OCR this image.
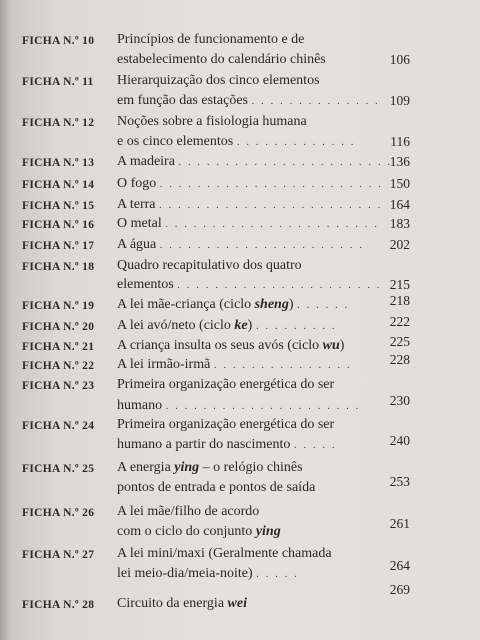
FICHA N.º 10	Princípios de funcionamento e de
estabelecimento do calendário chinês	106
FICHA N.º 11	Hierarquização dos cinco elementos
em função das estações . . . . . . . . . . . . . . 109
FICHA N.º 12	Noções sobre a fisiologia humana
e os cinco elementos . . . . . . . . . . . . .	116
FICHA N.º 13	A madeira . . . . . . . . . . . . . . . . . . . . . . .
136
FICHA N.º 14	O fogo . . . . . . . . . . . . . . . . . . . . . . . . 150
FICHA N.º 15	A terra . . . . . . . . . . . . . . . . . . . . . . . . 164
FICHA N.º 16	O metal . . . . . . . . . . . . . . . . . . . . . . . 183
FICHA N.º 17	A água . . . . . . . . . . . . . . . . . . . . . .	202
FICHA N.º 18	Quadro recapitulativo dos quatro
elementos . . . . . . . . . . . . . . . . . . . . . . 215
FICHA N.º 19	A lei mãe-criança (ciclo sheng) . . . . . .	218
FICHA N.º 20	A lei avó/neto (ciclo ke) . . . . . . . . .	222
FICHA N.º 21	A criança insulta os seus avós (ciclo wu)	225
FICHA N.º 22	A lei irmão-irmã . . . . . . . . . . . . . . .	228
FICHA N.º 23	Primeira organização energética do ser
humano . . . . . . . . . . . . . . . . . . . . .	230
FICHA N.º 24	Primeira organização energética do ser
humano a partir do nascimento . . . . .	240
FICHA N.º 25	A energia ying – o relógio chinês
pontos de entrada e pontos de saída	253
FICHA N.º 26	A lei mãe/filho de acordo
com o ciclo do conjunto ying
261
FICHA N.º 27	A lei mini/maxi (Geralmente chamada
lei meio-dia/meia-noite) . . . . .
264
FICHA N.º 28	Circuito da energia wei
269
